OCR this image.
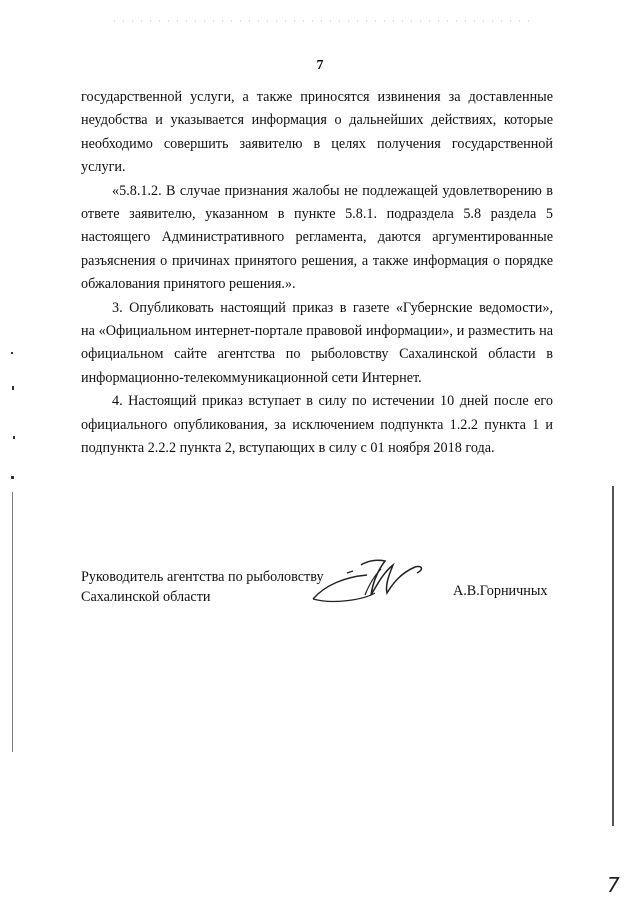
7
государственной услуги, а также приносятся извинения за доставленные
неудобства и указывается информация о дальнейших действиях, которые
необходимо совершить заявителю в целях получения государственной
услуги.
«5.8.1.2. В случае признания жалобы не подлежащей удовлетворению в
ответе заявителю, указанном в пункте 5.8.1. подраздела 5.8 раздела 5
настоящего Административного регламента, даются аргументированные
разъяснения о причинах принятого решения, а также информация о порядке
обжалования принятого решения.».
3. Опубликовать настоящий приказ в газете «Губернские ведомости»,
на «Официальном интернет-портале правовой информации», и разместить на
официальном сайте агентства по рыболовству Сахалинской области в
информационно-телекоммуникационной сети Интернет.
4. Настоящий приказ вступает в силу по истечении 10 дней после его
официального опубликования, за исключением подпункта 1.2.2 пункта 1 и
подпункта 2.2.2 пункта 2, вступающих в силу с 01 ноября 2018 года.
Руководитель агентства по рыболовству
Сахалинской области	А.В.Горничных
7
